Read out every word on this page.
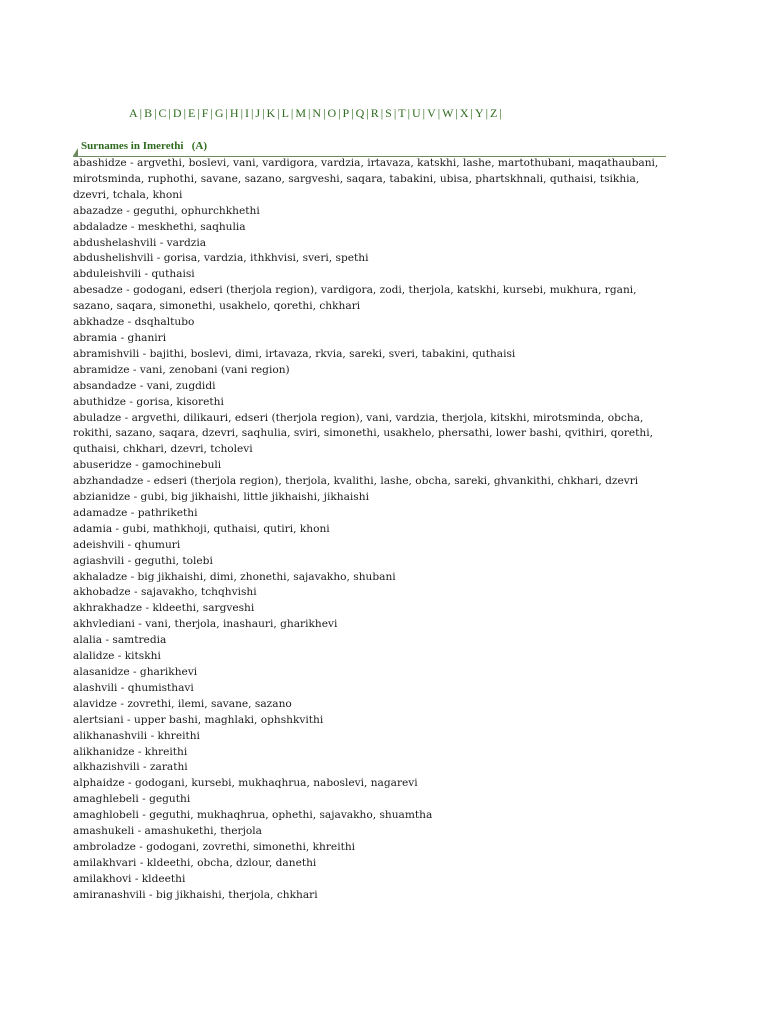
A | B | C | D | E | F | G | H | I | J | K | L | M | N | O | P | Q | R | S | T | U | V | W | X | Y | Z |
Surnames in Imerethi (A)
abashidze - argvethi, boslevi, vani, vardigora, vardzia, irtavaza, katskhi, lashe, martothubani, maqathaubani, mirotsminda, ruphothi, savane, sazano, sargveshi, saqara, tabakini, ubisa, phartskhnali, quthaisi, tsikhia, dzevri, tchala, khoni
abazadze - geguthi, ophurchkhethi
abdaladze - meskhethi, saqhulia
abdushelashvili - vardzia
abdushelishvili - gorisa, vardzia, ithkhvisi, sveri, spethi
abduleishvili - quthaisi
abesadze - godogani, edseri (therjola region), vardigora, zodi, therjola, katskhi, kursebi, mukhura, rgani, sazano, saqara, simonethi, usakhelo, qorethi, chkhari
abkhadze - dsqhaltubo
abramia - ghaniri
abramishvili - bajithi, boslevi, dimi, irtavaza, rkvia, sareki, sveri, tabakini, quthaisi
abramidze - vani, zenobani (vani region)
absandadze - vani, zugdidi
abuthidze - gorisa, kisorethi
abuladze - argvethi, dilikauri, edseri (therjola region), vani, vardzia, therjola, kitskhi, mirotsminda, obcha, rokithi, sazano, saqara, dzevri, saqhulia, sviri, simonethi, usakhelo, phersathi, lower bashi, qvithiri, qorethi, quthaisi, chkhari, dzevri, tcholevi
abuseridze - gamochinebuli
abzhandadze - edseri (therjola region), therjola, kvalithi, lashe, obcha, sareki, ghvankithi, chkhari, dzevri
abzianidze - gubi, big jikhaishi, little jikhaishi, jikhaishi
adamadze - pathrikethi
adamia - gubi, mathkhoji, quthaisi, qutiri, khoni
adeishvili - qhumuri
agiashvili - geguthi, tolebi
akhaladze - big jikhaishi, dimi, zhonethi, sajavakho, shubani
akhobadze - sajavakho, tchqhvishi
akhrakhadze - kldeethi, sargveshi
akhvlediani - vani, therjola, inashauri, gharikhevi
alalia - samtredia
alalidze - kitskhi
alasanidze - gharikhevi
alashvili - qhumisthavi
alavidze - zovrethi, ilemi, savane, sazano
alertsiani - upper bashi, maghlaki, ophshkvithi
alikhanashvili - khreithi
alikhanidze - khreithi
alkhazishvili - zarathi
alphaidze - godogani, kursebi, mukhaqhrua, naboslevi, nagarevi
amaghlebeli - geguthi
amaghlobeli - geguthi, mukhaqhrua, ophethi, sajavakho, shuamtha
amashukeli - amashukethi, therjola
ambroladze - godogani, zovrethi, simonethi, khreithi
amilakhvari - kldeethi, obcha, dzlour, danethi
amilakhovi - kldeethi
amiranashvili - big jikhaishi, therjola, chkhari
